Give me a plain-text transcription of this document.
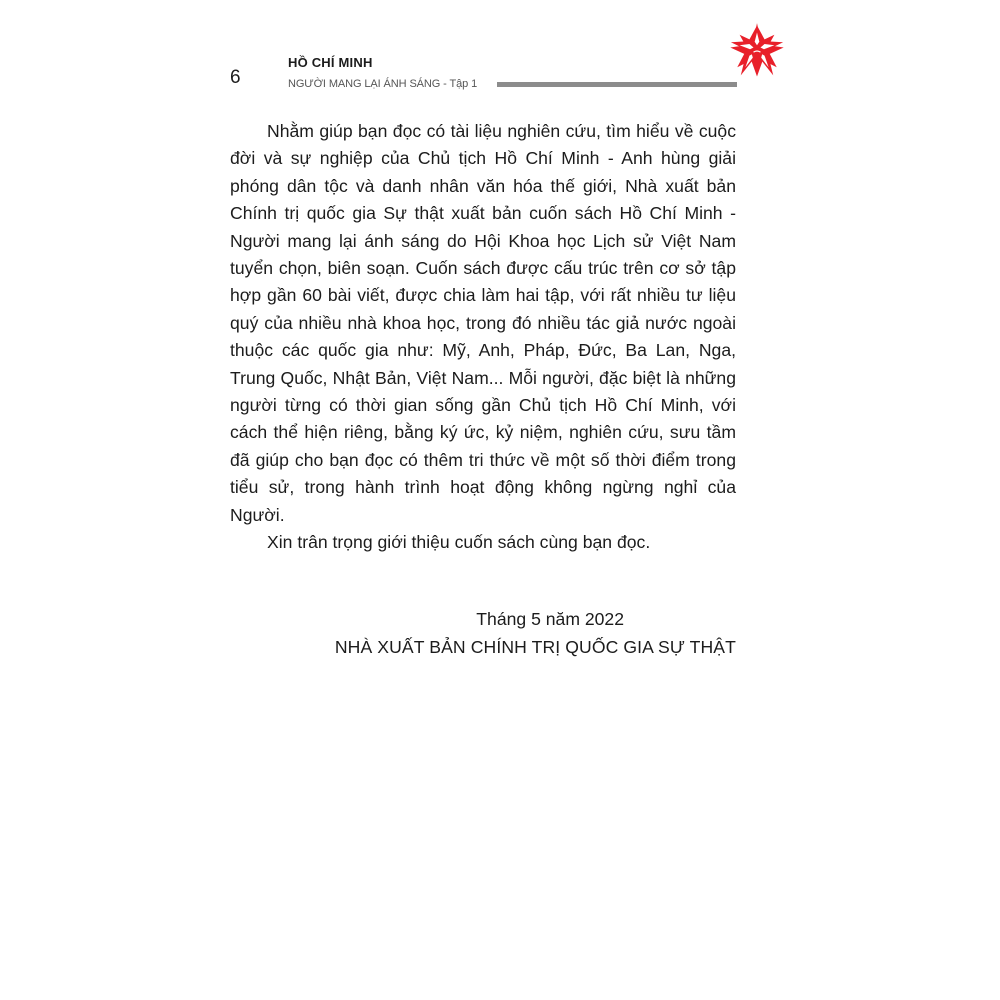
6
HỒ CHÍ MINH
NGƯỜI MANG LẠI ÁNH SÁNG - Tập 1

Nhằm giúp bạn đọc có tài liệu nghiên cứu, tìm hiểu về cuộc đời và sự nghiệp của Chủ tịch Hồ Chí Minh - Anh hùng giải phóng dân tộc và danh nhân văn hóa thế giới, Nhà xuất bản Chính trị quốc gia Sự thật xuất bản cuốn sách Hồ Chí Minh - Người mang lại ánh sáng do Hội Khoa học Lịch sử Việt Nam tuyển chọn, biên soạn. Cuốn sách được cấu trúc trên cơ sở tập hợp gần 60 bài viết, được chia làm hai tập, với rất nhiều tư liệu quý của nhiều nhà khoa học, trong đó nhiều tác giả nước ngoài thuộc các quốc gia như: Mỹ, Anh, Pháp, Đức, Ba Lan, Nga, Trung Quốc, Nhật Bản, Việt Nam... Mỗi người, đặc biệt là những người từng có thời gian sống gần Chủ tịch Hồ Chí Minh, với cách thể hiện riêng, bằng ký ức, kỷ niệm, nghiên cứu, sưu tầm đã giúp cho bạn đọc có thêm tri thức về một số thời điểm trong tiểu sử, trong hành trình hoạt động không ngừng nghỉ của Người.

Xin trân trọng giới thiệu cuốn sách cùng bạn đọc.

Tháng 5 năm 2022
NHÀ XUẤT BẢN CHÍNH TRỊ QUỐC GIA SỰ THẬT
